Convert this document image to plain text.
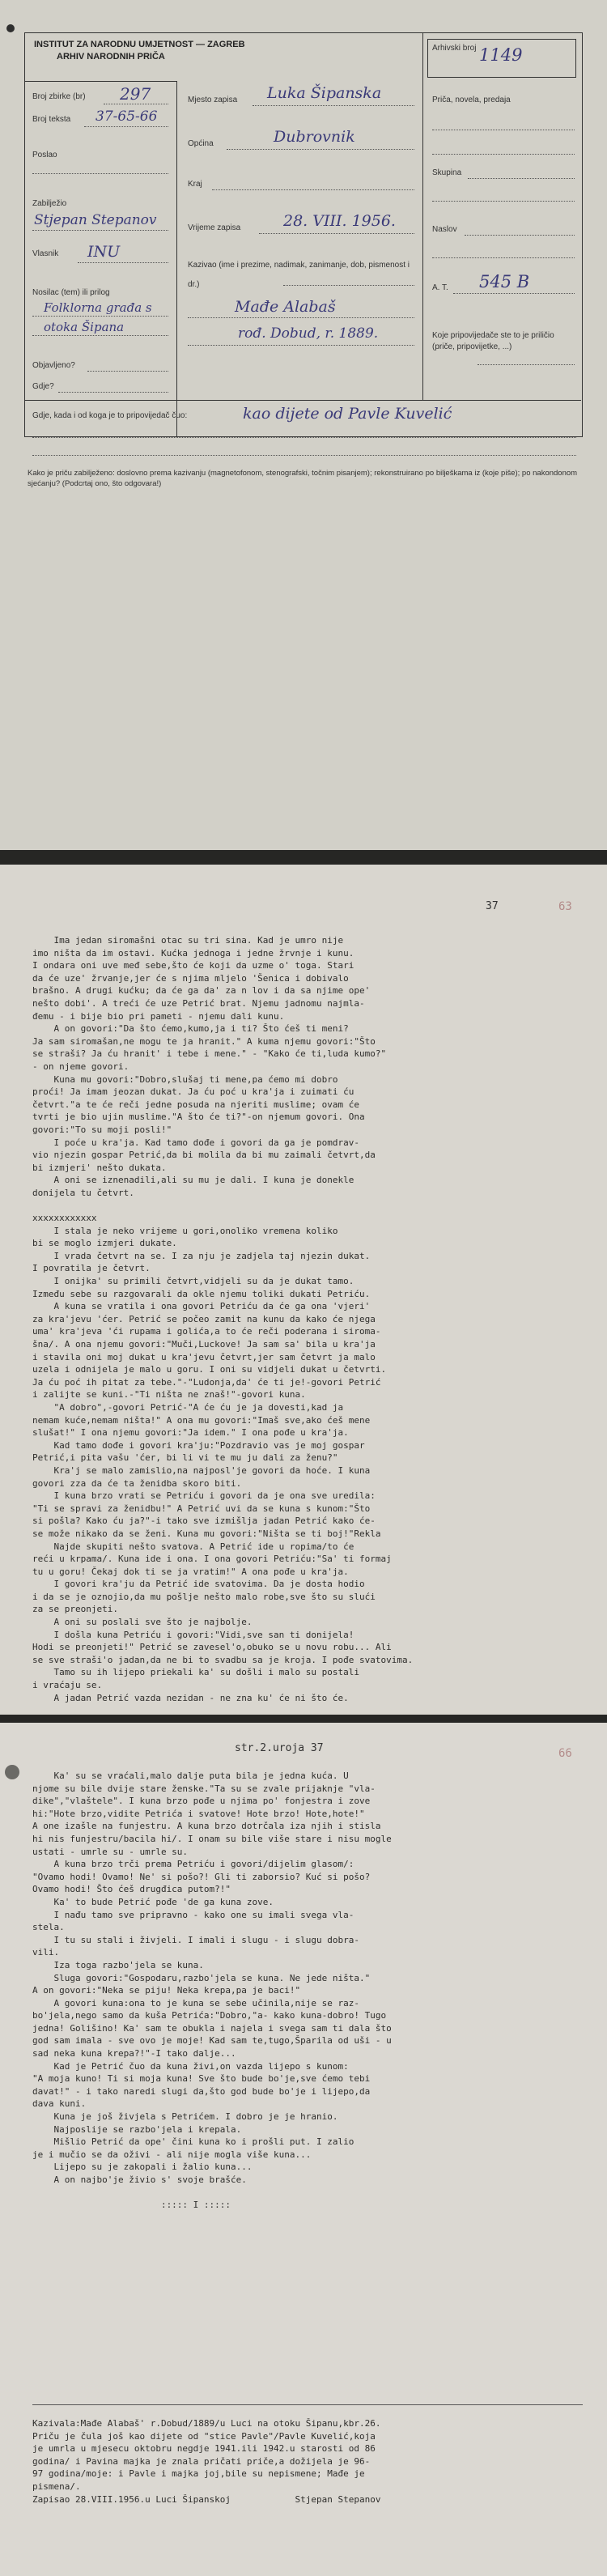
INSTITUT ZA NARODNU UMJETNOST — ZAGREB
ARHIV NARODNIH PRIČA
Broj zbirke (br) 297
Broj teksta 37-65-66
Poslao
Zabilježio
Stjepan Stepanov
Vlasnik INU
Nosilac (tem) ili prilog
Folklorna građa s otoka Šipana
Objavljeno?
Gdje?
Mjesto zapisa Luka Šipanska
Općina	Dubrovnik
Kraj
Vrijeme zapisa	28. VIII. 1956.
Kazivao (ime i prezime, nadimak, zanimanje, dob, pismenost i dr.)
Mađe Alabaš
rođ. Dobud, r. 1889.
Arhivski broj 1149
Priča, novela, predaja
Skupina
Naslov
A. T. 545 B
Koje pripovijedače ste to je priličio (priče, pripovijetke, ...)
Gdje, kada i od koga je to pripovijedač čuo:	kao dijete od Pavle Kuvelić
Kako je priču zabilježeno: doslovno prema kazivanju (magnetofonom, stenografski, točnim pisanjem); rekonstruirano po bilješkama iz (koje piše); po nakondonom sjećanju? (Podcrtaj ono, što odgovara!)
37	63
Ima jedan siromašni otac su tri sina. Kad je umro nije
imo ništa da im ostavi. Kućka jednoga i jedne žrvnje i kunu.
I ondara oni uve međ sebe,što će koji da uzme o' toga. Stari
da će uze' žrvanje,jer će s njima mljelo 'Šenica i dobivalo
brašno. A drugi kućku; da će ga da' za n lov i da sa njime ope'
nešto dobi'. A treći će uze Petrić brat. Njemu jadnomu najmla-
đemu - i bije bio pri pameti - njemu dali kunu.
A on govori:"Da što ćemo,kumo,ja i ti? Što ćeš ti meni?
Ja sam siromašan,ne mogu te ja hranit." A kuma njemu govori:"Što
se straši? Ja ću hranit' i tebe i mene." - "Kako će ti,luda kumo?"
- on njeme govori.
Kuna mu govori:"Dobro,slušaj ti mene,pa ćemo mi dobro
proći! Ja imam jeozan dukat. Ja ću poć u kra'ja i zuimati ću
četvrt."a te će reči jedne posuda na njeriti muslime; ovam će
tvrti je bio ujin muslime."A što će ti?"-on njemum govori. Ona
govori:"To su moji posli!"
I poće u kra'ja. Kad tamo dođe i govori da ga je pomdrav-
vio njezin gospar Petrić,da bi molila da bi mu zaimali četvrt,da
bi izmjeri' nešto dukata.
A oni se iznenadili,ali su mu je dali. I kuna je donekle
donijela tu četvrt.

xxxxxxxxxxxx
I stala je neko vrijeme u gori,onoliko vremena koliko
bi se moglo izmjeri dukate.
I vrada četvrt na se. I za nju je zadjela taj njezin dukat.
I povratila je četvrt.
I onijka' su primili četvrt,vidjeli su da je dukat tamo.
Između sebe su razgovarali da okle njemu toliki dukati Petriću.
A kuna se vratila i ona govori Petriću da će ga ona 'vjeri'
za kra'jevu 'ćer. Petrić se počeo zamit na kunu da kako će njega
uma' kra'jeva 'ći rupama i golića,a to će reči poderana i siroma-
šna/. A ona njemu govori:"Muči,Luckove! Ja sam sa' bila u kra'ja
i stavila oni moj dukat u kra'jevu četvrt,jer sam četvrt ja malo
uzela i odnijela je malo u goru. I oni su vidjeli dukat u četvrti.
Ja ću poć ih pitat za tebe."-"Ludonja,da' će ti je!-govori Petrić
i zalijte se kuni.-"Ti ništa ne znaš!"-govori kuna.
"A dobro",-govori Petrić-"A će ću je ja dovesti,kad ja
nemam kuće,nemam ništa!" A ona mu govori:"Imaš sve,ako ćeš mene
slušat!" I ona njemu govori:"Ja idem." I ona pođe u kra'ja.
Kad tamo dođe i govori kra'ju:"Pozdravio vas je moj gospar
Petrić,i pita vašu 'ćer, bi li vi te mu ju dali za ženu?"
Kra'j se malo zamislio,na najposl'je govori da hoće. I kuna
govori zza da će ta ženidba skoro biti.
I kuna brzo vrati se Petriću i govori da je ona sve uredila:
"Ti se spravi za ženidbu!" A Petrić uvi da se kuna s kunom:"Što
si pošla? Kako ću ja?"-i tako sve izmišlja jadan Petrić kako će-
se može nikako da se ženi. Kuna mu govori:"Ništa se ti boj!"Rekla
Najde skupiti nešto svatova. A Petrić ide u ropima/to će
reći u krpama/. Kuna ide i ona. I ona govori Petriću:"Sa' ti formaj
tu u goru! Čekaj dok ti se ja vratim!" A ona pođe u kra'ja.
I govori kra'ju da Petrić ide svatovima. Da je dosta hodio
i da se je oznojio,da mu pošlje nešto malo robe,sve što su slući
za se preonjeti.
A oni su poslali sve što je najbolje.
I došla kuna Petriću i govori:"Vidi,sve san ti donijela!
Hodi se preonjeti!" Petrić se zavesel'o,obuko se u novu robu... Ali
se sve straši'o jadan,da ne bi to svadbu sa je kroja. I pođe svatovima.
Tamo su ih lijepo priekali ka' su došli i malo su postali
i vraćaju se.
A jadan Petrić vazda nezidan - ne zna ku' će ni što će.
str.2.uroja 37	66
Ka' su se vraćali,malo dalje puta bila je jedna kuća. U
njome su bile dvije stare ženske."Ta su se zvale prijaknje "vla-
dike","vlaštele". I kuna brzo pođe u njima po' fonjestra i zove
hi:"Hote brzo,vidite Petrića i svatove! Hote brzo! Hote,hote!"
A one izašle na funjestru. A kuna brzo dotrčala iza njih i stisla
hi nis funjestru/bacila hi/. I onam su bile više stare i nisu mogle
ustati - umrle su - umrle su.
A kuna brzo trči prema Petriću i govori/dijelim glasom/:
"Ovamo hodi! Ovamo! Ne' si pošo?! Gli ti zaborsio? Kuć si pošo?
Ovamo hodi! Što ćeš drugđica putom?!"
Ka' to bude Petrić pođe 'de ga kuna zove.
I nađu tamo sve pripravno - kako one su imali svega vla-
stela.
I tu su stali i živjeli. I imali i slugu - i slugu dobra-
vili.
Iza toga razbo'jela se kuna.
Sluga govori:"Gospodaru,razbo'jela se kuna. Ne jede ništa."
A on govori:"Neka se piju! Neka krepa,pa je baci!"
A govori kuna:ona to je kuna se sebe učinila,nije se raz-
bo'jela,nego samo da kuša Petrića:"Dobro,"a- kako kuna-dobro! Tugo
jedna! Golišino! Ka' sam te obukla i najela i svega sam ti dala što
god sam imala - sve ovo je moje! Kad sam te,tugo,Šparila od uši - u
sad neka kuna krepa?!"-I tako dalje...
Kad je Petrić čuo da kuna živi,on vazda lijepo s kunom:
"A moja kuno! Ti si moja kuna! Sve što bude bo'je,sve ćemo tebi
davat!" - i tako naredi slugi da,što god bude bo'je i lijepo,da
dava kuni.
Kuna je još živjela s Petrićem. I dobro je je hranio.
Najposlije se razbo'jela i krepala.
Mišlio Petrić da ope' čini kuna ko i prošli put. I zalio
je i mučio se da oživi - ali nije mogla više kuna...
Lijepo su je zakopali i žalio kuna...
A on najbo'je živio s' svoje brašće.

::::: I :::::
Kazivala:Mađe Alabaš' r.Dobud/1889/u Luci na otoku Šipanu,kbr.26.
Priču je čula još kao dijete od "stice Pavle"/Pavle Kuvelić,koja
je umrla u mjesecu oktobru negdje 1941.ili 1942.u starosti od 86
godina/ i Pavina majka je znala pričati priče,a dožijela je 96-
97 godina/moje: i Pavle i majka joj,bile su nepismene; Mađe je
pismena/.
Zapisao 28.VIII.1956.u Luci Šipanskoj            Stjepan Stepanov
